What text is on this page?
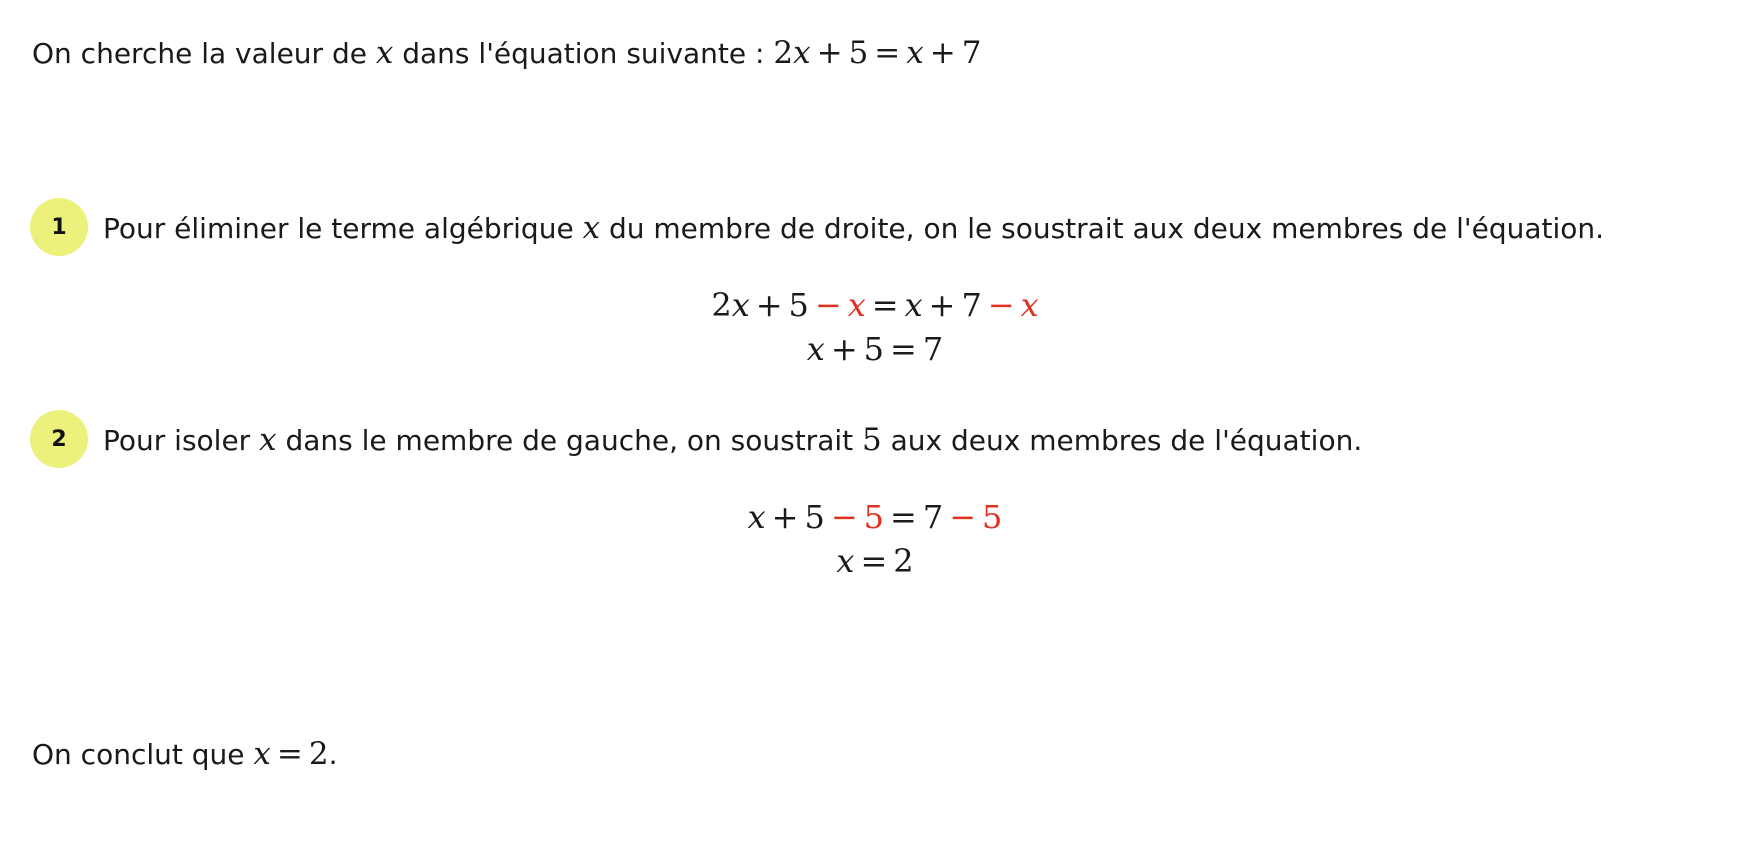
On cherche la valeur de x dans l'équation suivante : 2x + 5 = x + 7
1	Pour éliminer le terme algébrique x du membre de droite, on le soustrait aux deux membres de l'équation.
2x + 5 − x = x + 7 − x
x + 5 = 7
2	Pour isoler x dans le membre de gauche, on soustrait 5 aux deux membres de l'équation.
x + 5 − 5 = 7 − 5
x = 2
On conclut que x = 2.
